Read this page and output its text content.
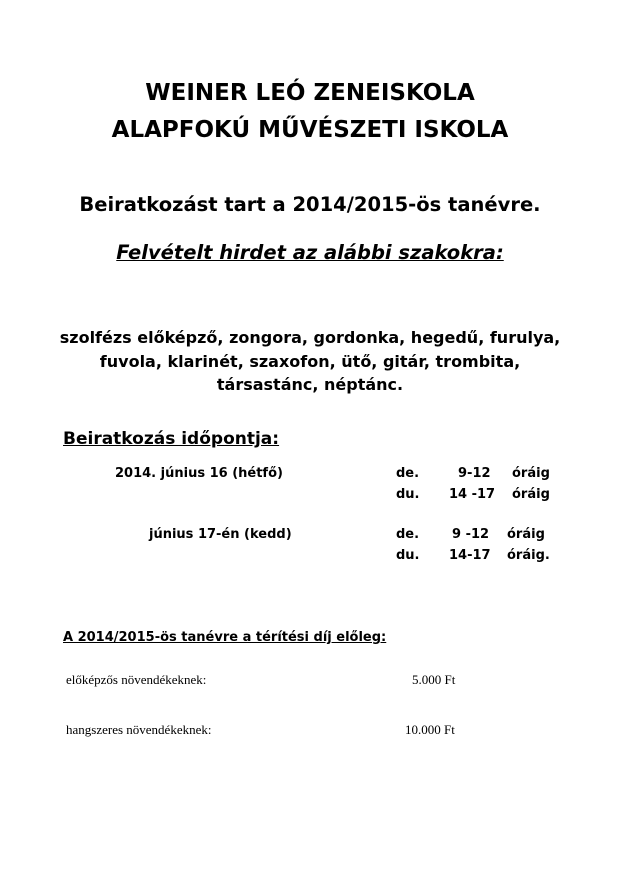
WEINER LEÓ ZENEISKOLA
ALAPFOKÚ MŰVÉSZETI ISKOLA
Beiratkozást tart a 2014/2015-ös tanévre.
Felvételt hirdet az alábbi szakokra:
szolfézs előképző, zongora, gordonka, hegedű, furulya,
fuvola, klarinét, szaxofon, ütő, gitár, trombita,
társastánc, néptánc.
Beiratkozás időpontja:
2014. június 16 (hétfő)	de.	9-12 óráig
du. 14 -17 óráig
június 17-én (kedd)	de.	9 -12 óráig
du. 14-17 óráig.
A 2014/2015-ös tanévre a térítési díj előleg:
előképzős növendékeknek:	5.000 Ft
hangszeres növendékeknek:	10.000 Ft
